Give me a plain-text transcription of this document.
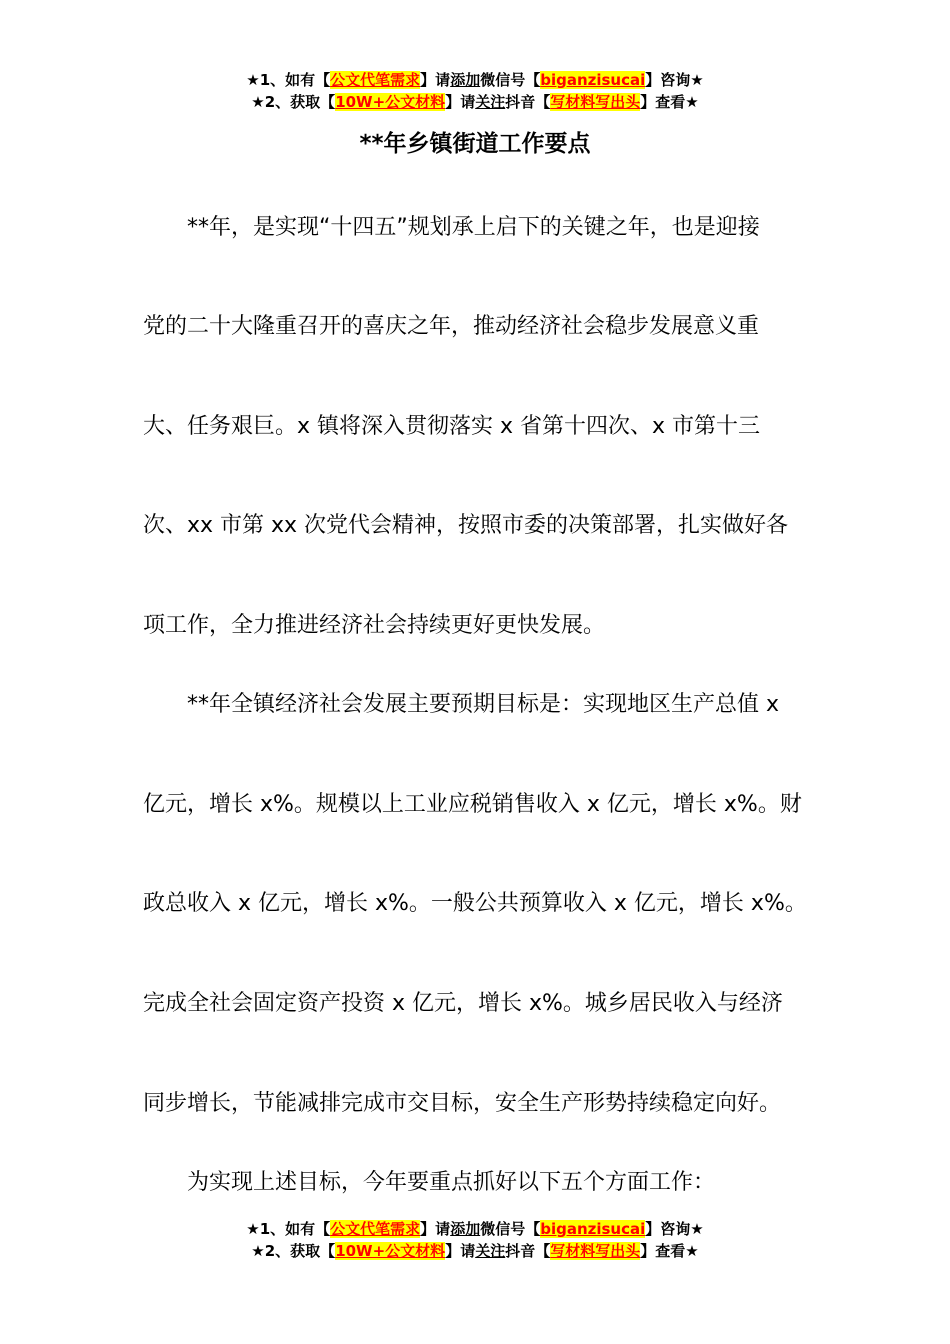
★1、如有【公文代笔需求】请添加微信号【biganzisucai】咨询★
★2、获取【10W+公文材料】请关注抖音【写材料写出头】查看★
**年乡镇街道工作要点
　　**年，是实现“十四五”规划承上启下的关键之年，也是迎接
党的二十大隆重召开的喜庆之年，推动经济社会稳步发展意义重
大、任务艰巨。x 镇将深入贯彻落实 x 省第十四次、x 市第十三
次、xx 市第 xx 次党代会精神，按照市委的决策部署，扎实做好各
项工作，全力推进经济社会持续更好更快发展。
　　**年全镇经济社会发展主要预期目标是：实现地区生产总值 x
亿元，增长 x%。规模以上工业应税销售收入 x 亿元，增长 x%。财
政总收入 x 亿元，增长 x%。一般公共预算收入 x 亿元，增长 x%。
完成全社会固定资产投资 x 亿元，增长 x%。城乡居民收入与经济
同步增长，节能减排完成市交目标，安全生产形势持续稳定向好。
　　为实现上述目标，今年要重点抓好以下五个方面工作：
★1、如有【公文代笔需求】请添加微信号【biganzisucai】咨询★
★2、获取【10W+公文材料】请关注抖音【写材料写出头】查看★
